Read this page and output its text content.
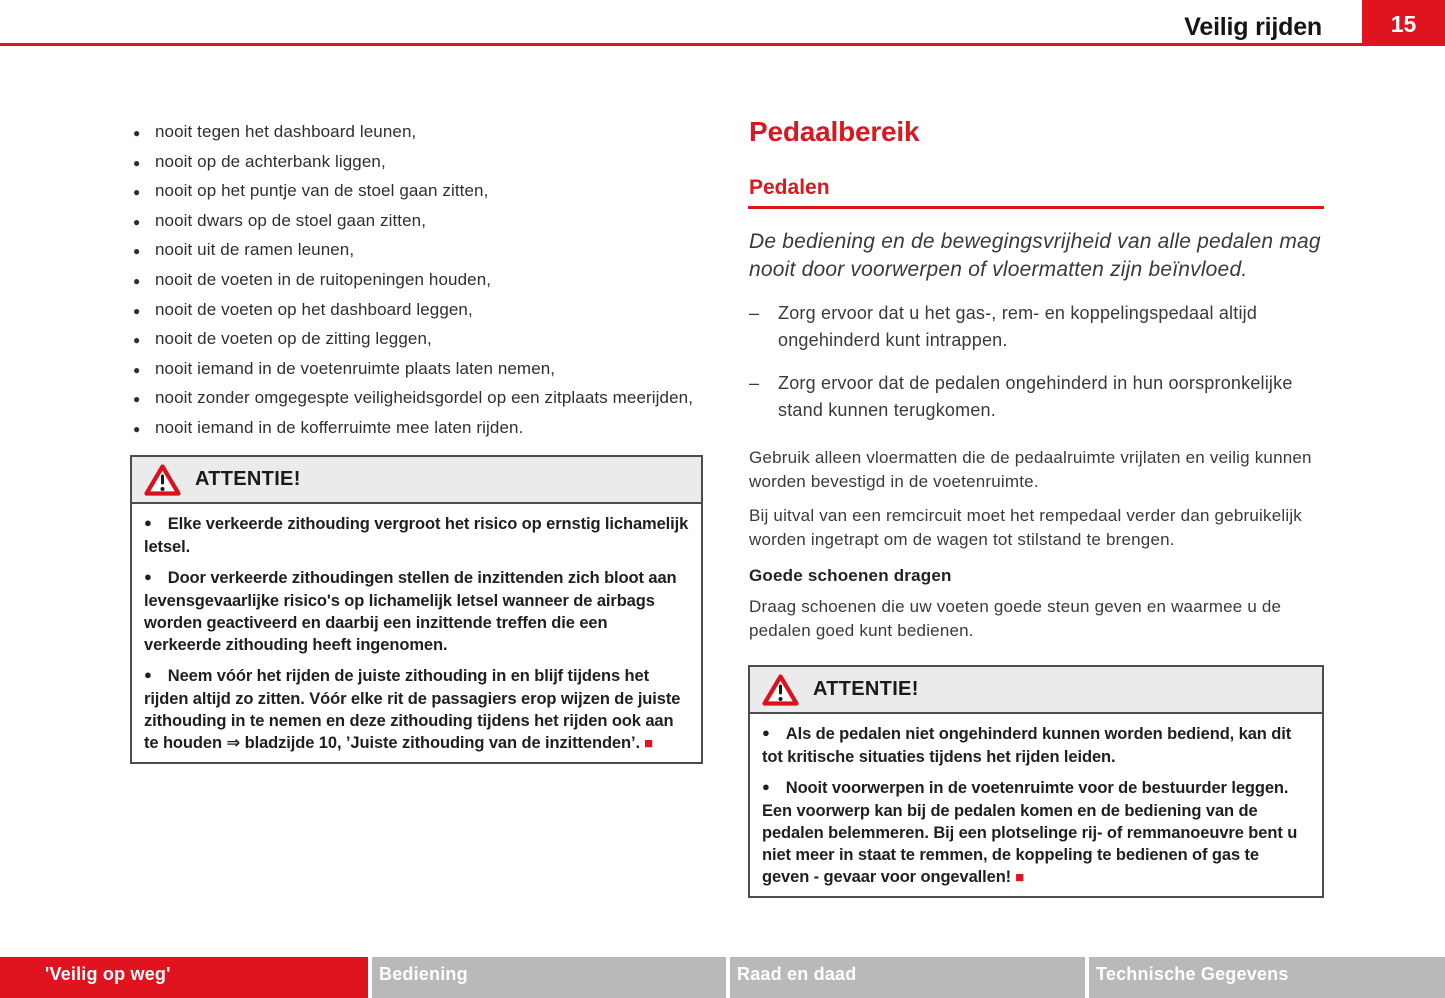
Veilig rijden	15
● nooit tegen het dashboard leunen,
● nooit op de achterbank liggen,
● nooit op het puntje van de stoel gaan zitten,
● nooit dwars op de stoel gaan zitten,
● nooit uit de ramen leunen,
● nooit de voeten in de ruitopeningen houden,
● nooit de voeten op het dashboard leggen,
● nooit de voeten op de zitting leggen,
● nooit iemand in de voetenruimte plaats laten nemen,
● nooit zonder omgegespte veiligheidsgordel op een zitplaats meerijden,
● nooit iemand in de kofferruimte mee laten rijden.
ATTENTIE!

● Elke verkeerde zithouding vergroot het risico op ernstig lichamelijk letsel.

● Door verkeerde zithoudingen stellen de inzittenden zich bloot aan levensgevaarlijke risico's op lichamelijk letsel wanneer de airbags worden geactiveerd en daarbij een inzittende treffen die een verkeerde zithouding heeft ingenomen.

● Neem vóór het rijden de juiste zithouding in en blijf tijdens het rijden altijd zo zitten. Vóór elke rit de passagiers erop wijzen de juiste zithouding in te nemen en deze zithouding tijdens het rijden ook aan te houden ⇒ bladzijde 10, ’Juiste zithouding van de inzittenden’. ■

Pedaalbereik
Pedalen

De bediening en de bewegingsvrijheid van alle pedalen mag nooit door voorwerpen of vloermatten zijn beïnvloed.

–	Zorg ervoor dat u het gas-, rem- en koppelingspedaal altijd ongehinderd kunt intrappen.
–	Zorg ervoor dat de pedalen ongehinderd in hun oorspronkelijke stand kunnen terugkomen.

Gebruik alleen vloermatten die de pedaalruimte vrijlaten en veilig kunnen worden bevestigd in de voetenruimte.

Bij uitval van een remcircuit moet het rempedaal verder dan gebruikelijk worden ingetrapt om de wagen tot stilstand te brengen.

Goede schoenen dragen

Draag schoenen die uw voeten goede steun geven en waarmee u de pedalen goed kunt bedienen.

ATTENTIE!

● Als de pedalen niet ongehinderd kunnen worden bediend, kan dit tot kritische situaties tijdens het rijden leiden.

● Nooit voorwerpen in de voetenruimte voor de bestuurder leggen. Een voorwerp kan bij de pedalen komen en de bediening van de pedalen belemmeren. Bij een plotselinge rij- of remmanoeuvre bent u niet meer in staat te remmen, de koppeling te bedienen of gas te geven - gevaar voor ongevallen! ■

'Veilig op weg'	Bediening	Raad en daad	Technische Gegevens
